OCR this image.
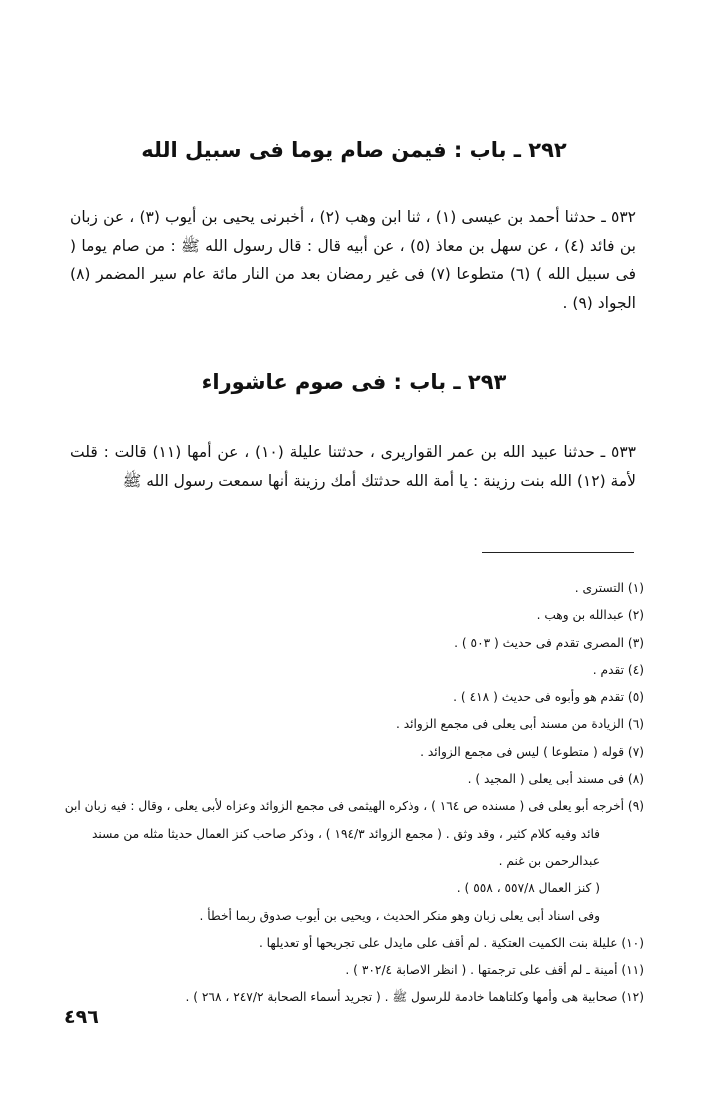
٢٩٢ ـ باب : فيمن صام يوما فى سبيل الله
٥٣٢ ـ حدثنا أحمد بن عيسى (١) ، ثنا ابن وهب (٢) ، أخبرنى يحيى بن أيوب (٣) ، عن زبان بن فائد (٤) ، عن سهل بن معاذ (٥) ، عن أبيه قال : قال رسول الله ﷺ : من صام يوما ( فى سبيل الله ) (٦) متطوعا (٧) فى غير رمضان بعد من النار مائة عام سير المضمر (٨) الجواد (٩) .
٢٩٣ ـ باب : فى صوم عاشوراء
٥٣٣ ـ حدثنا عبيد الله بن عمر القواريرى ، حدثتنا عليلة (١٠) ، عن أمها (١١) قالت : قلت لأمة (١٢) الله بنت رزينة : يا أمة الله حدثتك أمك رزينة أنها سمعت رسول الله ﷺ
(١) التسترى .
(٢) عبدالله بن وهب .
(٣) المصرى تقدم فى حديث ( ٥٠٣ ) .
(٤) تقدم .
(٥) تقدم هو وأبوه فى حديث ( ٤١٨ ) .
(٦) الزيادة من مسند أبى يعلى فى مجمع الزوائد .
(٧) قوله ( متطوعا ) ليس فى مجمع الزوائد .
(٨) فى مسند أبى يعلى ( المجيد ) .
(٩) أخرجه أبو يعلى فى ( مسنده ص ١٦٤ ) ، وذكره الهيثمى فى مجمع الزوائد وعزاه لأبى يعلى ، وقال : فيه زبان ابن
فائد وفيه كلام كثير ، وقد وثق . ( مجمع الزوائد ١٩٤/٣ ) ، وذكر صاحب كنز العمال حديثا مثله من مسند
عبدالرحمن بن غنم .
( كنز العمال ٥٥٧/٨ ، ٥٥٨ ) .
وفى اسناد أبى يعلى زبان وهو منكر الحديث ، ويحيى بن أيوب صدوق ربما أخطأ .
(١٠) عليلة بنت الكميت العتكية . لم أقف على مايدل على تجريحها أو تعديلها .
(١١) أمينة ـ لم أقف على ترجمتها . ( انظر الاصابة ٣٠٢/٤ ) .
(١٢) صحابية هى وأمها وكلتاهما خادمة للرسول ﷺ . ( تجريد أسماء الصحابة ٢٤٧/٢ ، ٢٦٨ ) .
٤٩٦
